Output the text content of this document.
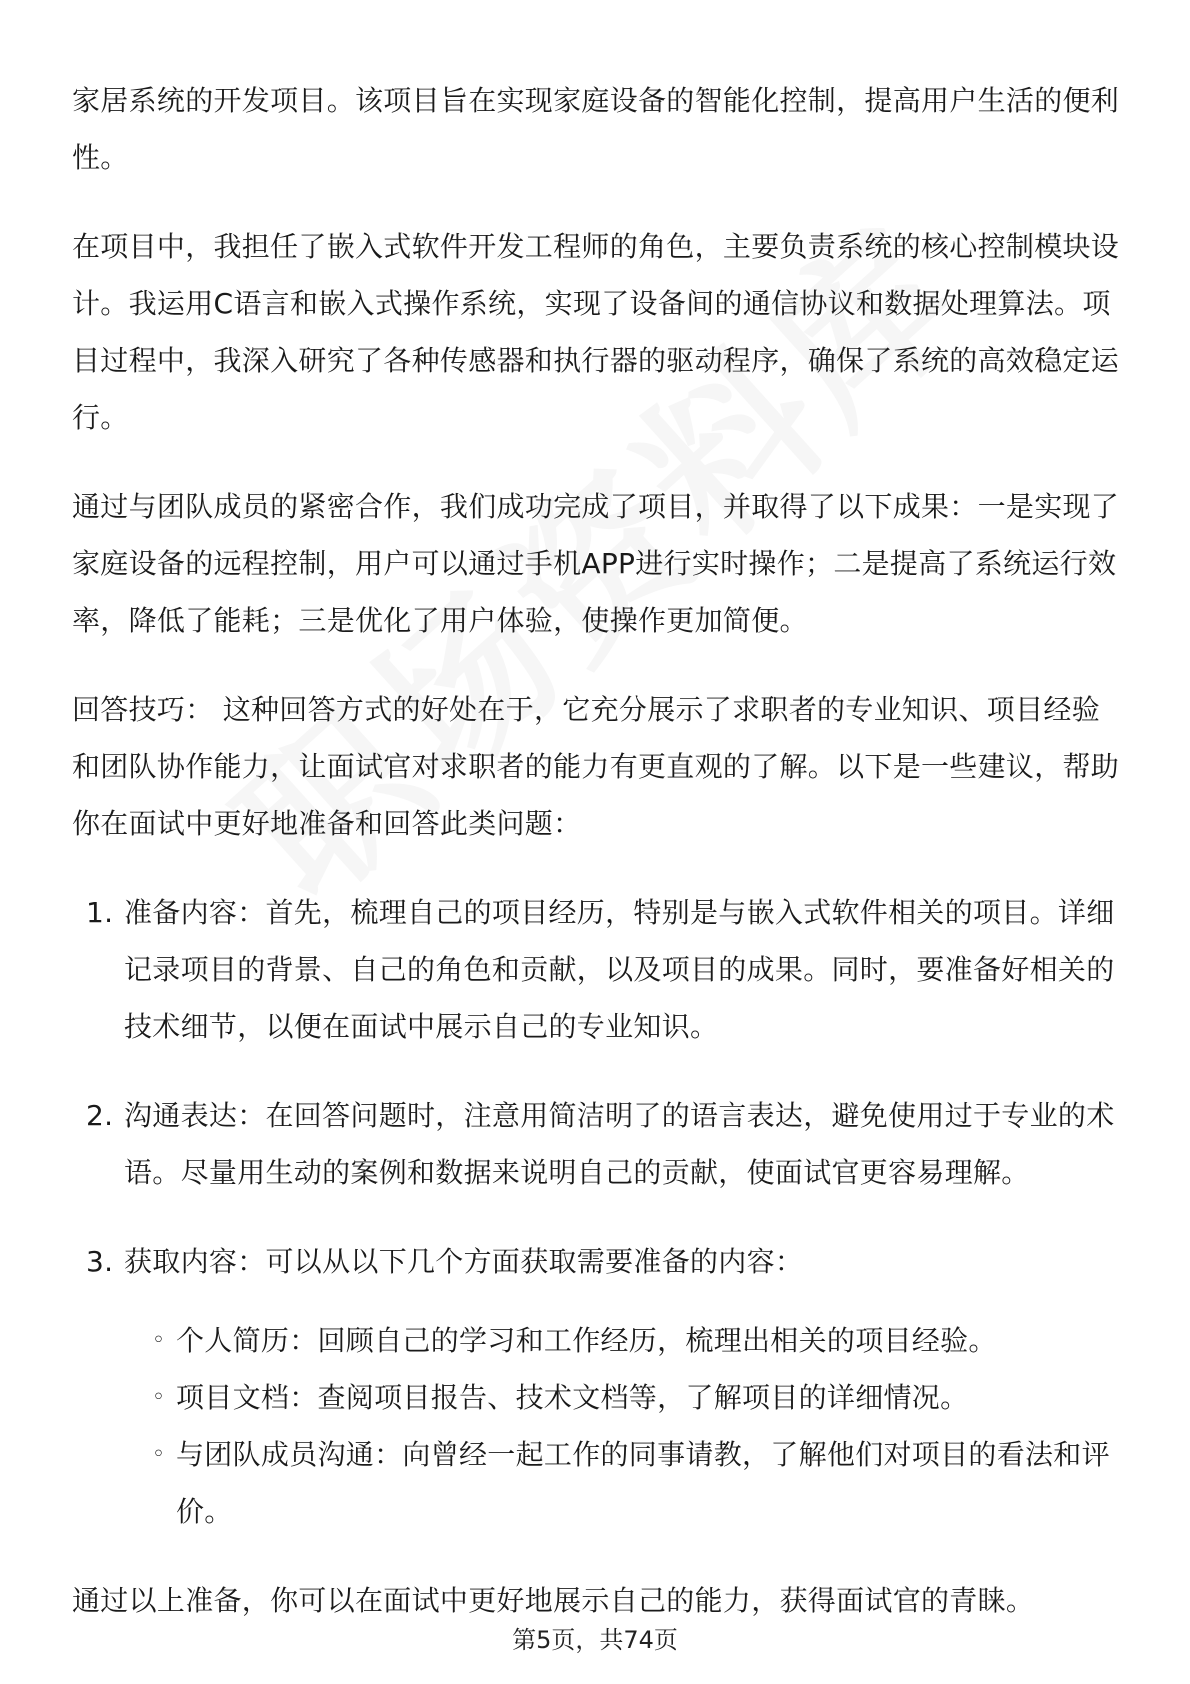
家居系统的开发项目。该项目旨在实现家庭设备的智能化控制，提高用户生活的便利性。

在项目中，我担任了嵌入式软件开发工程师的角色，主要负责系统的核心控制模块设计。我运用C语言和嵌入式操作系统，实现了设备间的通信协议和数据处理算法。项目过程中，我深入研究了各种传感器和执行器的驱动程序，确保了系统的高效稳定运行。

通过与团队成员的紧密合作，我们成功完成了项目，并取得了以下成果：一是实现了家庭设备的远程控制，用户可以通过手机APP进行实时操作；二是提高了系统运行效率，降低了能耗；三是优化了用户体验，使操作更加简便。

回答技巧： 这种回答方式的好处在于，它充分展示了求职者的专业知识、项目经验和团队协作能力，让面试官对求职者的能力有更直观的了解。以下是一些建议，帮助你在面试中更好地准备和回答此类问题：

1. 准备内容：首先，梳理自己的项目经历，特别是与嵌入式软件相关的项目。详细记录项目的背景、自己的角色和贡献，以及项目的成果。同时，要准备好相关的技术细节，以便在面试中展示自己的专业知识。
2. 沟通表达：在回答问题时，注意用简洁明了的语言表达，避免使用过于专业的术语。尽量用生动的案例和数据来说明自己的贡献，使面试官更容易理解。
3. 获取内容：可以从以下几个方面获取需要准备的内容：
◦ 个人简历：回顾自己的学习和工作经历，梳理出相关的项目经验。
◦ 项目文档：查阅项目报告、技术文档等，了解项目的详细情况。
◦ 与团队成员沟通：向曾经一起工作的同事请教，了解他们对项目的看法和评价。

通过以上准备，你可以在面试中更好地展示自己的能力，获得面试官的青睐。

第5页，共74页
